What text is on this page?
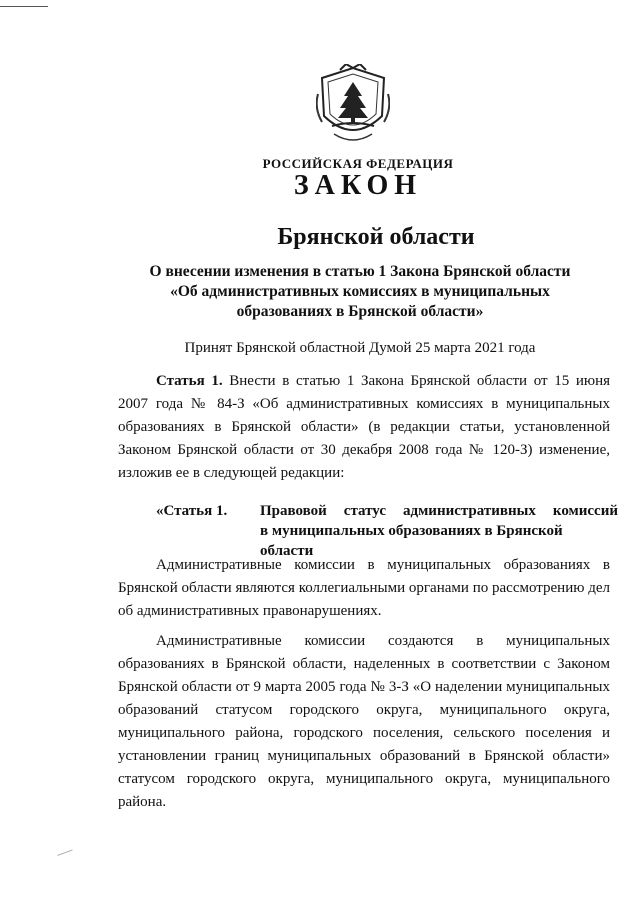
РОССИЙСКАЯ ФЕДЕРАЦИЯ
ЗАКОН
Брянской области
О внесении изменения в статью 1 Закона Брянской области
«Об административных комиссиях в муниципальных
образованиях в Брянской области»
Принят Брянской областной Думой 25 марта 2021 года
Статья 1. Внести в статью 1 Закона Брянской области от 15 июня 2007 года № 84-З «Об административных комиссиях в муниципальных образованиях в Брянской области» (в редакции статьи, установленной Законом Брянской области от 30 декабря 2008 года № 120-З) изменение, изложив ее в следующей редакции:
«Статья 1. Правовой статус административных комиссий
в муниципальных образованиях в Брянской области
Административные комиссии в муниципальных образованиях в Брянской области являются коллегиальными органами по рассмотрению дел об административных правонарушениях.
Административные комиссии создаются в муниципальных образованиях в Брянской области, наделенных в соответствии с Законом Брянской области от 9 марта 2005 года № 3-З «О наделении муниципальных образований статусом городского округа, муниципального округа, муниципального района, городского поселения, сельского поселения и установлении границ муниципальных образований в Брянской области» статусом городского округа, муниципального округа, муниципального района.
